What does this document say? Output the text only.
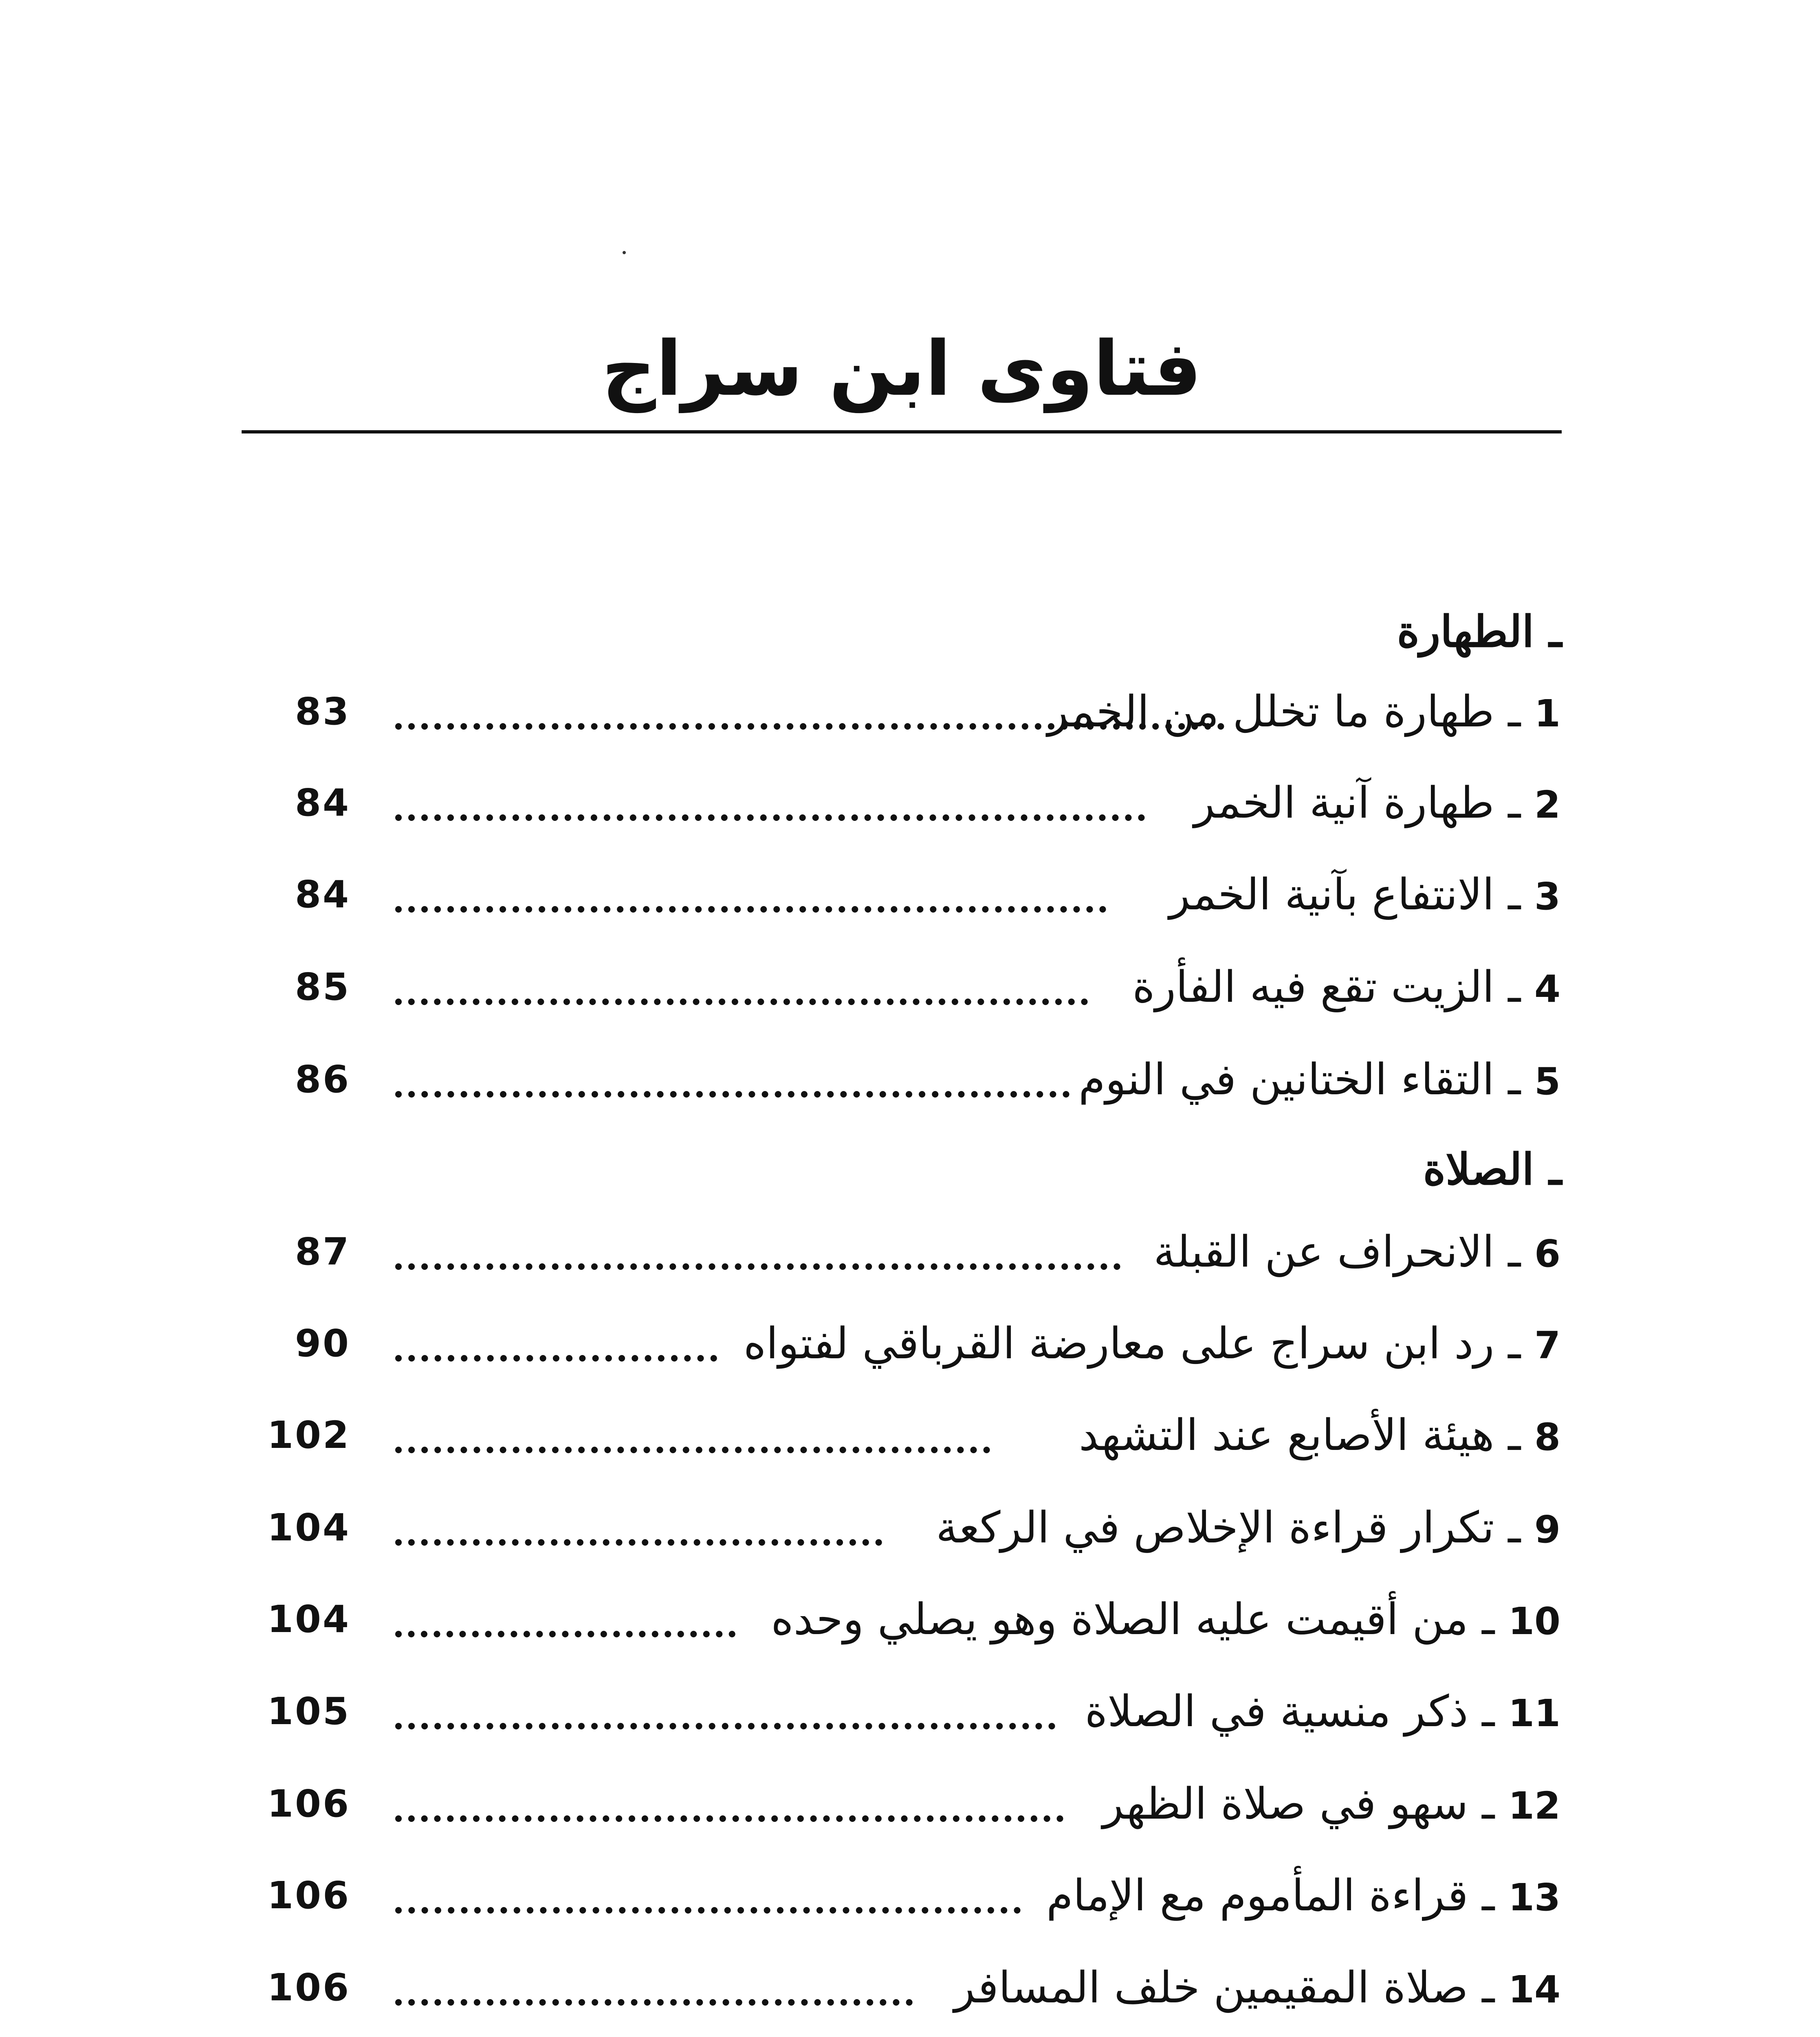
فتاوى ابن سراج
ـ الطهارة
83	1 ـ طهارة ما تخلل من الخمر
84	2 ـ طهارة آنية الخمر
84	3 ـ الانتفاع بآنية الخمر
85	4 ـ الزيت تقع فيه الفأرة
86	5 ـ التقاء الختانين في النوم
ـ الصلاة
87	6 ـ الانحراف عن القبلة
90	7 ـ رد ابن سراج على معارضة القرباقي لفتواه
102	8 ـ هيئة الأصابع عند التشهد
104	9 ـ تكرار قراءة الإخلاص في الركعة
104	10 ـ من أقيمت عليه الصلاة وهو يصلي وحده
105	11 ـ ذكر منسية في الصلاة
106	12 ـ سهو في صلاة الظهر
106	13 ـ قراءة المأموم مع الإمام
106	14 ـ صلاة المقيمين خلف المسافر
